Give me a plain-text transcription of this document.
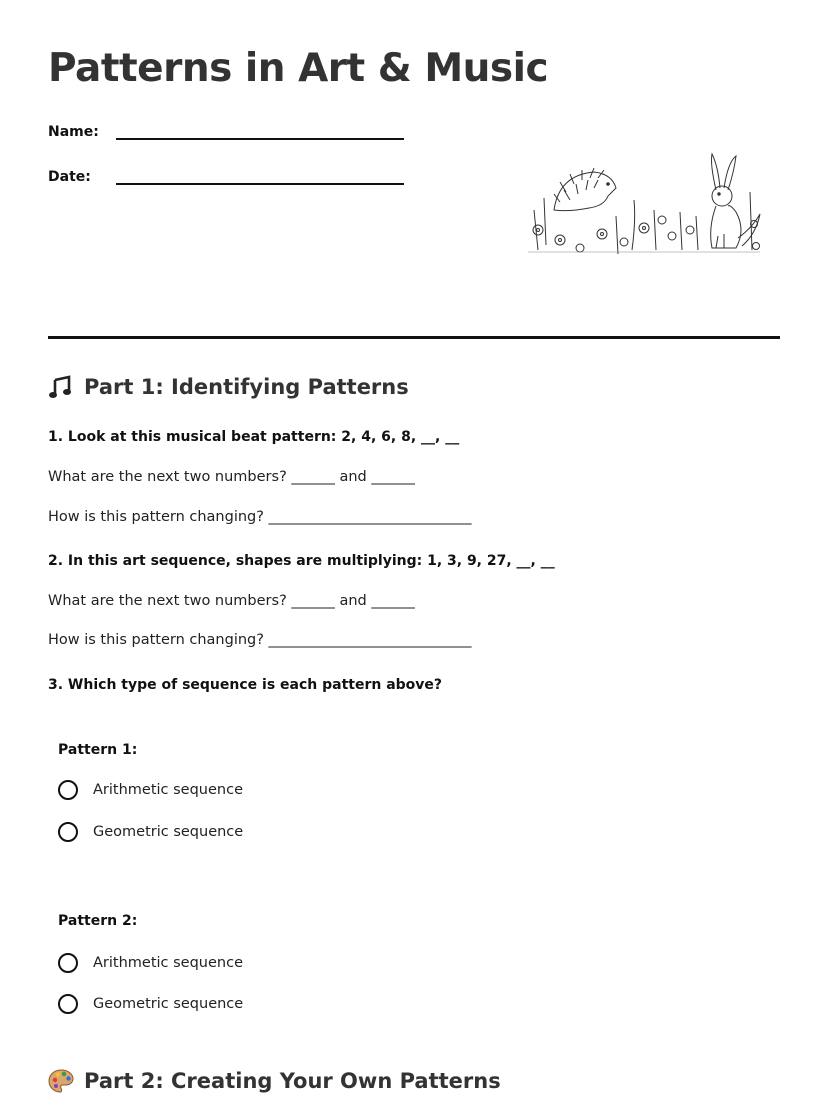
Patterns in Art & Music
Name:
Date:
Part 1: Identifying Patterns
1. Look at this musical beat pattern: 2, 4, 6, 8, __, __
What are the next two numbers? ______ and ______
How is this pattern changing? ____________________________
2. In this art sequence, shapes are multiplying: 1, 3, 9, 27, __, __
What are the next two numbers? ______ and ______
How is this pattern changing? ____________________________
3. Which type of sequence is each pattern above?
Pattern 1:
Arithmetic sequence
Geometric sequence
Pattern 2:
Arithmetic sequence
Geometric sequence
Part 2: Creating Your Own Patterns
